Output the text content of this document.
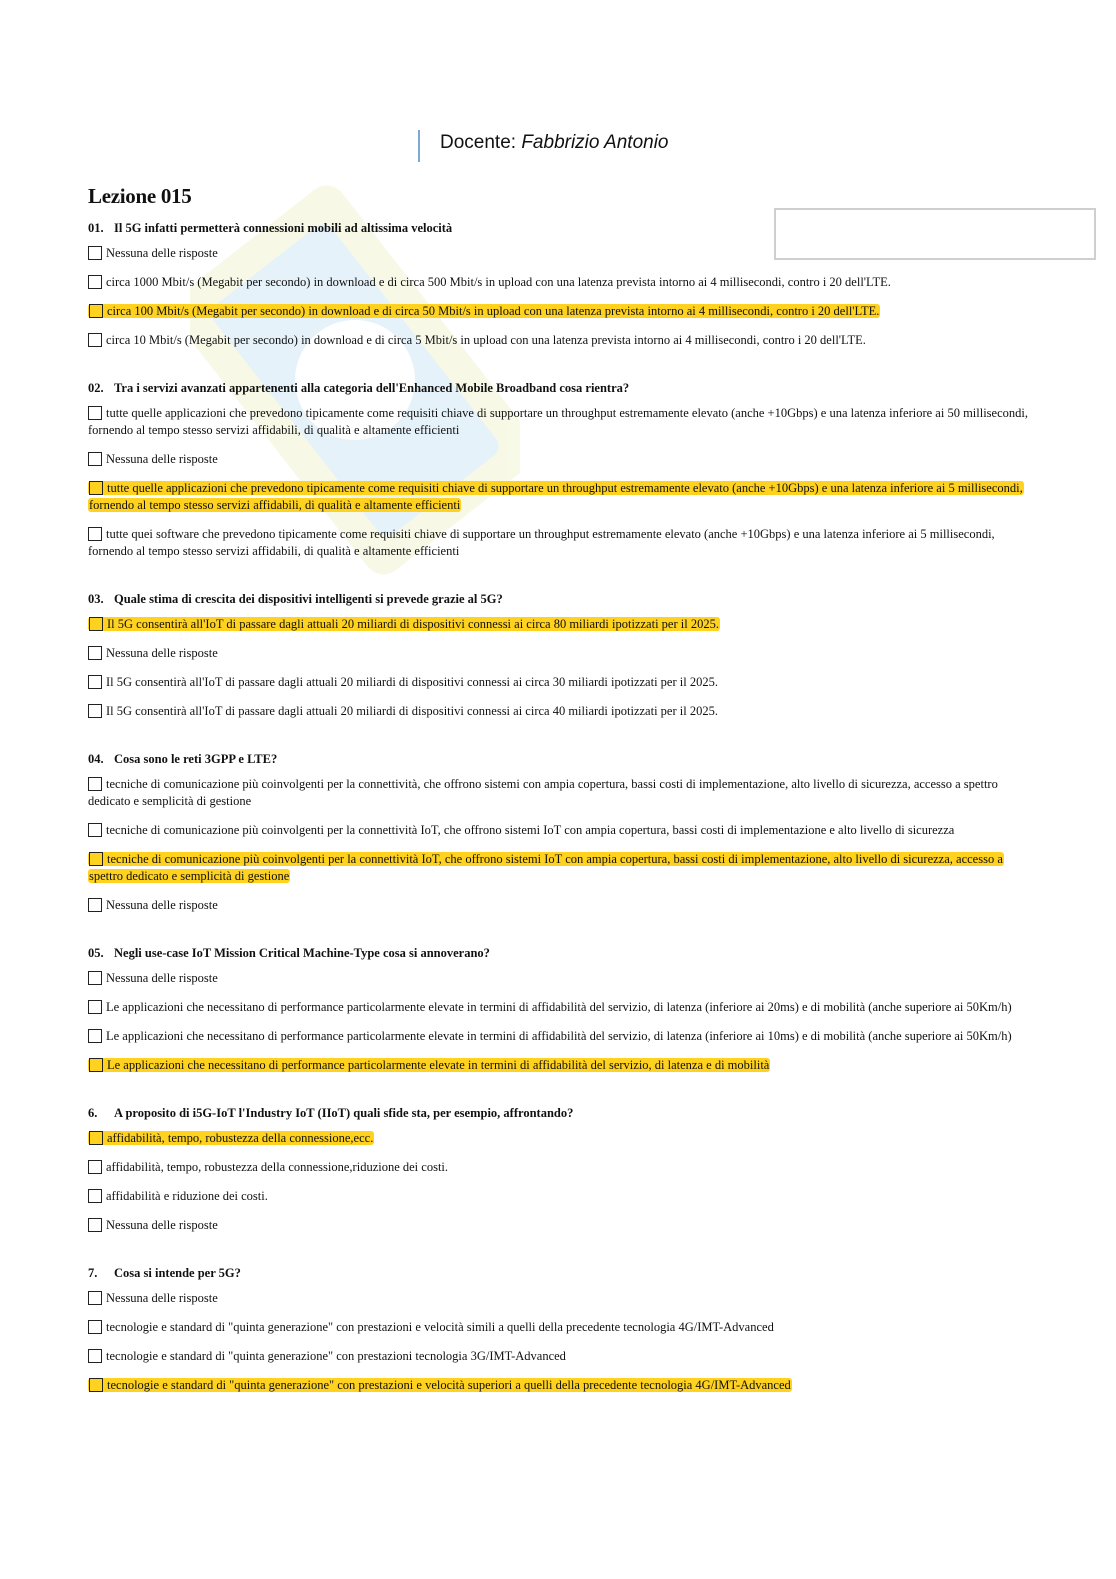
Docente: Fabbrizio Antonio
Lezione 015

01. Il 5G infatti permetterà connessioni mobili ad altissima velocità

Nessuna delle risposte

circa 1000 Mbit/s (Megabit per secondo) in download e di circa 500 Mbit/s in upload con una latenza prevista intorno ai 4 millisecondi, contro i 20 dell'LTE.

circa 100 Mbit/s (Megabit per secondo) in download e di circa 50 Mbit/s in upload con una latenza prevista intorno ai 4 millisecondi, contro i 20 dell'LTE.

circa 10 Mbit/s (Megabit per secondo) in download e di circa 5 Mbit/s in upload con una latenza prevista intorno ai 4 millisecondi, contro i 20 dell'LTE.

02. Tra i servizi avanzati appartenenti alla categoria dell'Enhanced Mobile Broadband cosa rientra?

tutte quelle applicazioni che prevedono tipicamente come requisiti chiave di supportare un throughput estremamente elevato (anche +10Gbps) e una latenza inferiore ai 50 millisecondi, fornendo al tempo stesso servizi affidabili, di qualità e altamente efficienti

Nessuna delle risposte

tutte quelle applicazioni che prevedono tipicamente come requisiti chiave di supportare un throughput estremamente elevato (anche +10Gbps) e una latenza inferiore ai 5 millisecondi, fornendo al tempo stesso servizi affidabili, di qualità e altamente efficienti

tutte quei software che prevedono tipicamente come requisiti chiave di supportare un throughput estremamente elevato (anche +10Gbps) e una latenza inferiore ai 5 millisecondi, fornendo al tempo stesso servizi affidabili, di qualità e altamente efficienti

03. Quale stima di crescita dei dispositivi intelligenti si prevede grazie al 5G?

Il 5G consentirà all'IoT di passare dagli attuali 20 miliardi di dispositivi connessi ai circa 80 miliardi ipotizzati per il 2025.

Nessuna delle risposte

Il 5G consentirà all'IoT di passare dagli attuali 20 miliardi di dispositivi connessi ai circa 30 miliardi ipotizzati per il 2025.

Il 5G consentirà all'IoT di passare dagli attuali 20 miliardi di dispositivi connessi ai circa 40 miliardi ipotizzati per il 2025.

04. Cosa sono le reti 3GPP e LTE?

tecniche di comunicazione più coinvolgenti per la connettività, che offrono sistemi con ampia copertura, bassi costi di implementazione, alto livello di sicurezza, accesso a spettro dedicato e semplicità di gestione

tecniche di comunicazione più coinvolgenti per la connettività IoT, che offrono sistemi IoT con ampia copertura, bassi costi di implementazione e alto livello di sicurezza

tecniche di comunicazione più coinvolgenti per la connettività IoT, che offrono sistemi IoT con ampia copertura, bassi costi di implementazione, alto livello di sicurezza, accesso a spettro dedicato e semplicità di gestione

Nessuna delle risposte

05. Negli use-case IoT Mission Critical Machine-Type cosa si annoverano?

Nessuna delle risposte

Le applicazioni che necessitano di performance particolarmente elevate in termini di affidabilità del servizio, di latenza (inferiore ai 20ms) e di mobilità (anche superiore ai 50Km/h)

Le applicazioni che necessitano di performance particolarmente elevate in termini di affidabilità del servizio, di latenza (inferiore ai 10ms) e di mobilità (anche superiore ai 50Km/h)

Le applicazioni che necessitano di performance particolarmente elevate in termini di affidabilità del servizio, di latenza e di mobilità

6. A proposito di i5G-IoT l'Industry IoT (IIoT) quali sfide sta, per esempio, affrontando?

affidabilità, tempo, robustezza della connessione,ecc.

affidabilità, tempo, robustezza della connessione,riduzione dei costi.

affidabilità e riduzione dei costi.

Nessuna delle risposte

7. Cosa si intende per 5G?

Nessuna delle risposte

tecnologie e standard di "quinta generazione" con prestazioni e velocità simili a quelli della precedente tecnologia 4G/IMT-Advanced

tecnologie e standard di "quinta generazione" con prestazioni tecnologia 3G/IMT-Advanced

tecnologie e standard di "quinta generazione" con prestazioni e velocità superiori a quelli della precedente tecnologia 4G/IMT-Advanced
